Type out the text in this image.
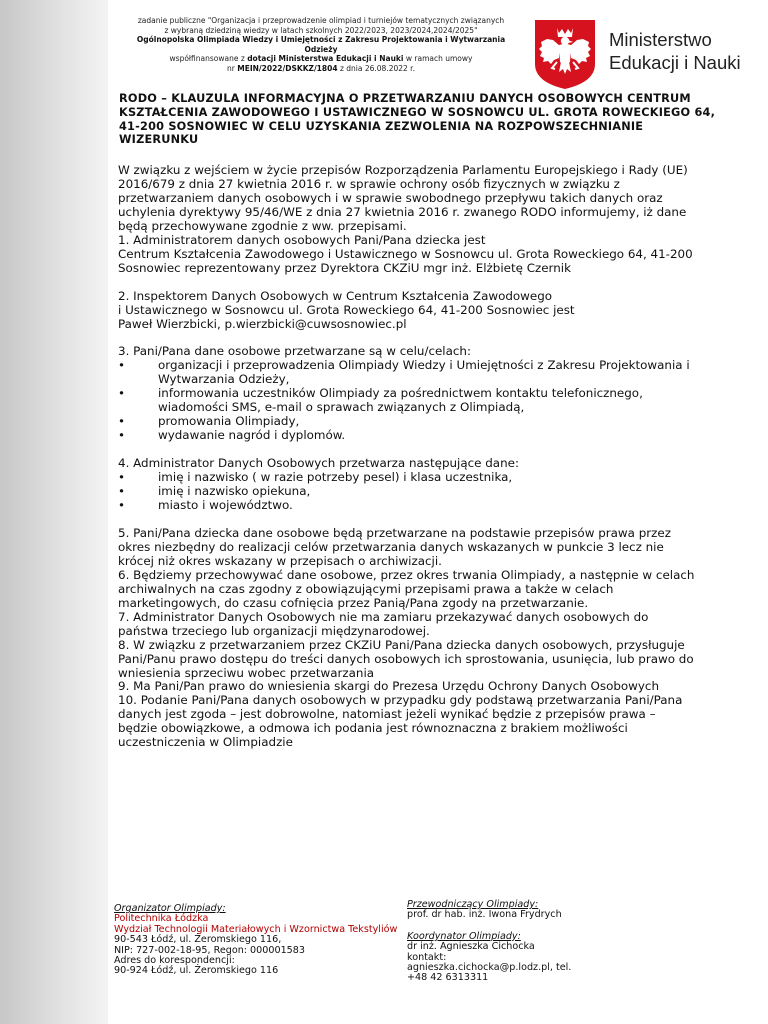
zadanie publiczne "Organizacja i przeprowadzenie olimpiad i turniejów tematycznych związanych
z wybraną dziedziną wiedzy w latach szkolnych 2022/2023, 2023/2024,2024/2025"
Ogólnopolska Olimpiada Wiedzy i Umiejętności z Zakresu Projektowania i Wytwarzania
Odzieży
współfinansowane z dotacji Ministerstwa Edukacji i Nauki w ramach umowy
nr MEIN/2022/DSKKZ/1804 z dnia 26.08.2022 r.
Ministerstwo
Edukacji i Nauki
RODO – KLAUZULA INFORMACYJNA O PRZETWARZANIU DANYCH OSOBOWYCH CENTRUM KSZTAŁCENIA ZAWODOWEGO I USTAWICZNEGO W SOSNOWCU UL. GROTA ROWECKIEGO 64, 41-200 SOSNOWIEC W CELU UZYSKANIA ZEZWOLENIA NA ROZPOWSZECHNIANIE WIZERUNKU

W związku z wejściem w życie przepisów Rozporządzenia Parlamentu Europejskiego i Rady (UE) 2016/679 z dnia 27 kwietnia 2016 r. w sprawie ochrony osób fizycznych w związku z przetwarzaniem danych osobowych i w sprawie swobodnego przepływu takich danych oraz uchylenia dyrektywy 95/46/WE z dnia 27 kwietnia 2016 r. zwanego RODO informujemy, iż dane będą przechowywane zgodnie z ww. przepisami.

1. Administratorem danych osobowych Pani/Pana dziecka jest

Centrum Kształcenia Zawodowego i Ustawicznego w Sosnowcu ul. Grota Roweckiego 64, 41-200 Sosnowiec reprezentowany przez Dyrektora CKZiU mgr inż. Elżbietę Czernik

2. Inspektorem Danych Osobowych w Centrum Kształcenia Zawodowego

i Ustawicznego w Sosnowcu ul. Grota Roweckiego 64, 41-200 Sosnowiec jest

Paweł Wierzbicki, p.wierzbicki@cuwsosnowiec.pl

3. Pani/Pana dane osobowe przetwarzane są w celu/celach:

•	organizacji i przeprowadzenia Olimpiady Wiedzy i Umiejętności z Zakresu Projektowania i Wytwarzania Odzieży,
•	informowania uczestników Olimpiady za pośrednictwem kontaktu telefonicznego, wiadomości SMS, e-mail o sprawach związanych z Olimpiadą,
•	promowania Olimpiady,
•	wydawanie nagród i dyplomów.

4. Administrator Danych Osobowych przetwarza następujące dane:

•	imię i nazwisko ( w razie potrzeby pesel) i klasa uczestnika,
•	imię i nazwisko opiekuna,
•	miasto i województwo.

5. Pani/Pana dziecka dane osobowe będą przetwarzane na podstawie przepisów prawa przez okres niezbędny do realizacji celów przetwarzania danych wskazanych w punkcie 3 lecz nie krócej niż okres wskazany w przepisach o archiwizacji.

6. Będziemy przechowywać dane osobowe, przez okres trwania Olimpiady, a następnie w celach archiwalnych na czas zgodny z obowiązującymi przepisami prawa a także w celach marketingowych, do czasu cofnięcia przez Panią/Pana zgody na przetwarzanie.

7. Administrator Danych Osobowych nie ma zamiaru przekazywać danych osobowych do państwa trzeciego lub organizacji międzynarodowej.

8. W związku z przetwarzaniem przez CKZiU Pani/Pana dziecka danych osobowych, przysługuje Pani/Panu prawo dostępu do treści danych osobowych ich sprostowania, usunięcia, lub prawo do wniesienia sprzeciwu wobec przetwarzania

9. Ma Pani/Pan prawo do wniesienia skargi do Prezesa Urzędu Ochrony Danych Osobowych

10. Podanie Pani/Pana danych osobowych w przypadku gdy podstawą przetwarzania Pani/Pana danych jest zgoda – jest dobrowolne, natomiast jeżeli wynikać będzie z przepisów prawa – będzie obowiązkowe, a odmowa ich podania jest równoznaczna z brakiem możliwości uczestniczenia w Olimpiadzie

Organizator Olimpiady:
Politechnika Łódzka
Wydział Technologii Materiałowych i Wzornictwa Tekstyliów
90-543 Łódź, ul. Żeromskiego 116,
NIP: 727-002-18-95, Regon: 000001583
Adres do korespondencji:
90-924 Łódź, ul. Żeromskiego 116
Przewodniczący Olimpiady:
prof. dr hab. inż. Iwona Frydrych
Koordynator Olimpiady:
dr inż. Agnieszka Cichocka
kontakt:
agnieszka.cichocka@p.lodz.pl, tel.
+48 42 6313311
